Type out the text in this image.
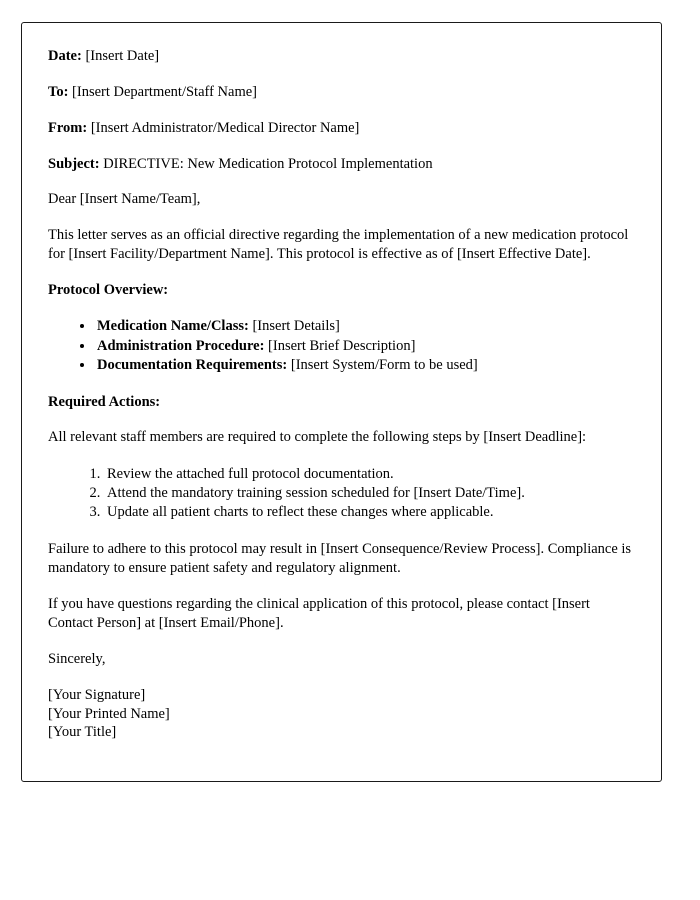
Date: [Insert Date]

To: [Insert Department/Staff Name]

From: [Insert Administrator/Medical Director Name]

Subject: DIRECTIVE: New Medication Protocol Implementation

Dear [Insert Name/Team],

This letter serves as an official directive regarding the implementation of a new medication protocol for [Insert Facility/Department Name]. This protocol is effective as of [Insert Effective Date].

Protocol Overview:

• Medication Name/Class: [Insert Details]
• Administration Procedure: [Insert Brief Description]
• Documentation Requirements: [Insert System/Form to be used]

Required Actions:

All relevant staff members are required to complete the following steps by [Insert Deadline]:

1. Review the attached full protocol documentation.
2. Attend the mandatory training session scheduled for [Insert Date/Time].
3. Update all patient charts to reflect these changes where applicable.

Failure to adhere to this protocol may result in [Insert Consequence/Review Process]. Compliance is mandatory to ensure patient safety and regulatory alignment.

If you have questions regarding the clinical application of this protocol, please contact [Insert Contact Person] at [Insert Email/Phone].

Sincerely,

[Your Signature]

[Your Printed Name]

[Your Title]
